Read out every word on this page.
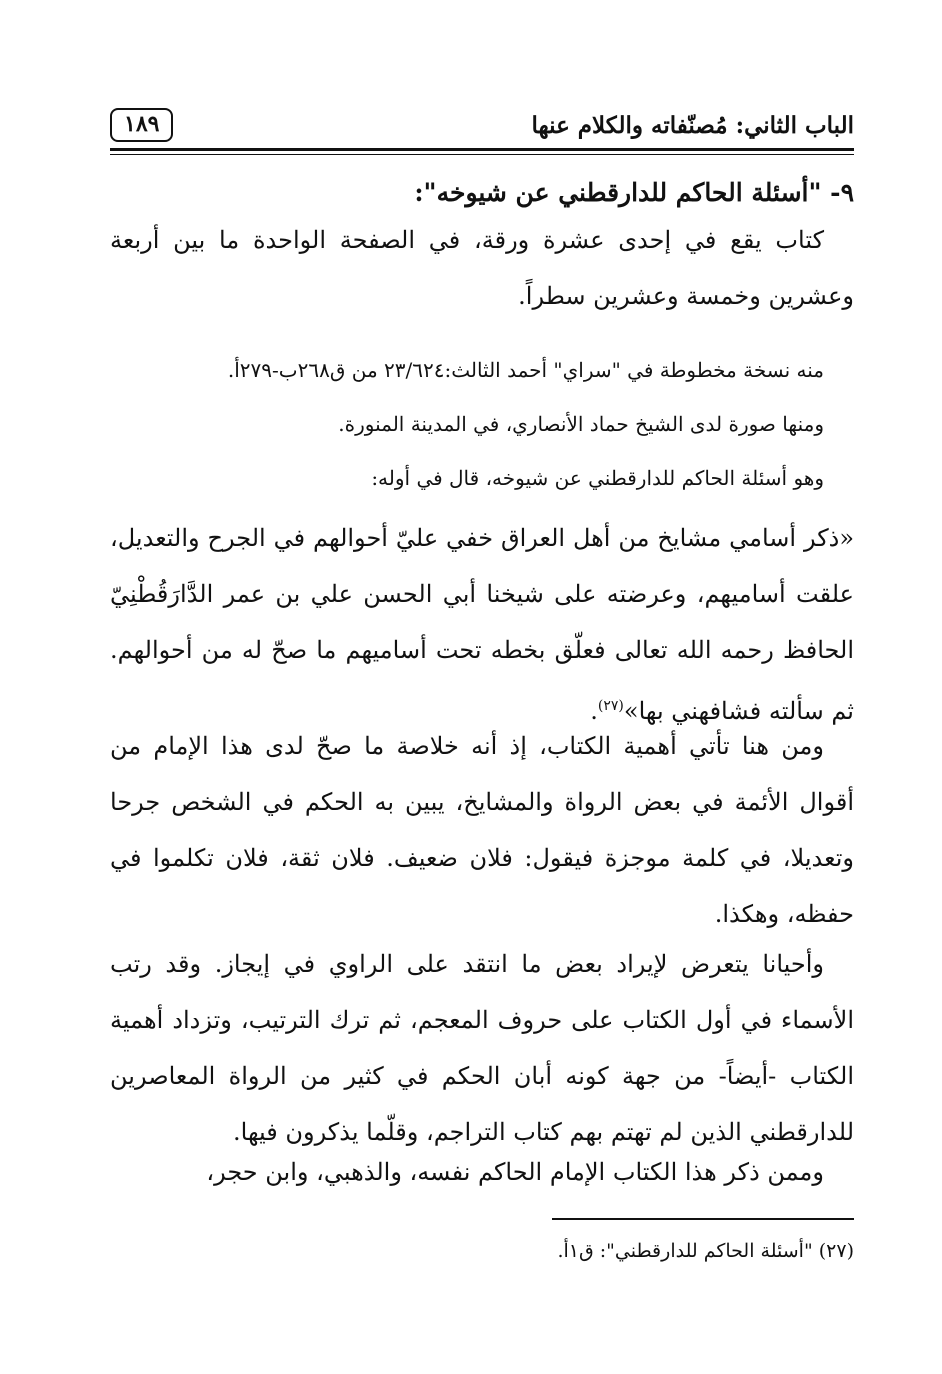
الباب الثاني: مُصنّفاته والكلام عنها
١٨٩
٩- "أسئلة الحاكم للدارقطني عن شيوخه":

كتاب يقع في إحدى عشرة ورقة، في الصفحة الواحدة ما بين أربعة وعشرين وخمسة وعشرين سطراً.

منه نسخة مخطوطة في "سراي" أحمد الثالث:٢٣/٦٢٤ من ق٢٦٨ب-٢٧٩أ.

ومنها صورة لدى الشيخ حماد الأنصاري، في المدينة المنورة.

وهو أسئلة الحاكم للدارقطني عن شيوخه، قال في أوله:

«ذكر أسامي مشايخ من أهل العراق خفي عليّ أحوالهم في الجرح والتعديل، علقت أساميهم، وعرضته على شيخنا أبي الحسن علي بن عمر الدَّارَقُطْنِيّ الحافظ رحمه الله تعالى فعلّق بخطه تحت أساميهم ما صحّ له من أحوالهم. ثم سألته فشافهني بها»$^{(٢٧)}$.

ومن هنا تأتي أهمية الكتاب، إذ أنه خلاصة ما صحّ لدى هذا الإمام من أقوال الأئمة في بعض الرواة والمشايخ، يبين به الحكم في الشخص جرحا وتعديلا، في كلمة موجزة فيقول: فلان ضعيف. فلان ثقة، فلان تكلموا في حفظه، وهكذا.

وأحيانا يتعرض لإيراد بعض ما انتقد على الراوي في إيجاز. وقد رتب الأسماء في أول الكتاب على حروف المعجم، ثم ترك الترتيب، وتزداد أهمية الكتاب -أيضاً- من جهة كونه أبان الحكم في كثير من الرواة المعاصرين للدارقطني الذين لم تهتم بهم كتاب التراجم، وقلّما يذكرون فيها.

وممن ذكر هذا الكتاب الإمام الحاكم نفسه، والذهبي، وابن حجر،

(٢٧) "أسئلة الحاكم للدارقطني": ق١أ.
